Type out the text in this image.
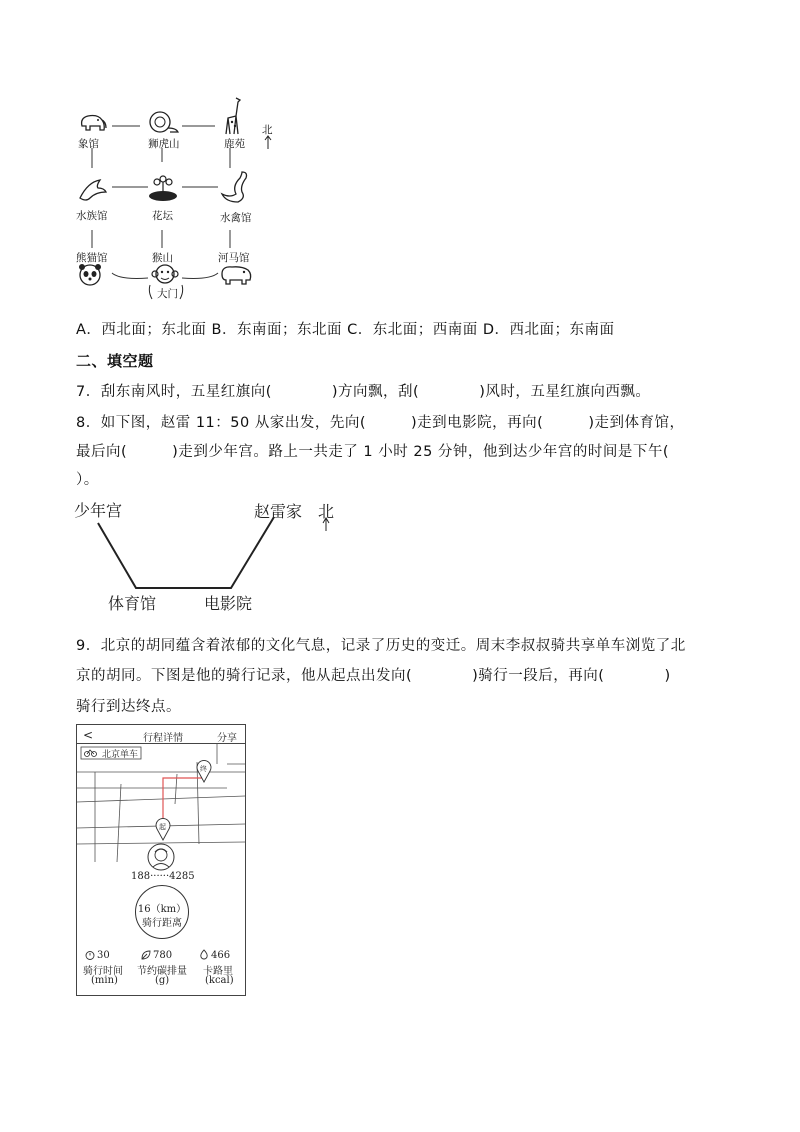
象馆	狮虎山	鹿苑
北
水族馆	花坛	水禽馆
熊猫馆	猴山
大门
河马馆
A．西北面；东北面 B．东南面；东北面 C．东北面；西南面 D．西北面；东南面
二、填空题
7．刮东南风时，五星红旗向(　　　　)方向飘，刮(　　　　)风时，五星红旗向西飘。
8．如下图，赵雷 11：50 从家出发，先向(　　　)走到电影院，再向(　　　)走到体育馆，
最后向(　　　)走到少年宫。路上一共走了 1 小时 25 分钟，他到达少年宫的时间是下午(
）。
少年宫	赵雷家 北
体育馆	电影院
9．北京的胡同蕴含着浓郁的文化气息，记录了历史的变迁。周末李叔叔骑共享单车浏览了北
京的胡同。下图是他的骑行记录，他从起点出发向(　　　　)骑行一段后，再向(　　　　)
骑行到达终点。
<	行程详情	分享
北京单车
终
起
188······4285
16（km）
骑行距离
30
骑行时间
(min)
780
节约碳排量
(g)
466
卡路里
(kcal)
